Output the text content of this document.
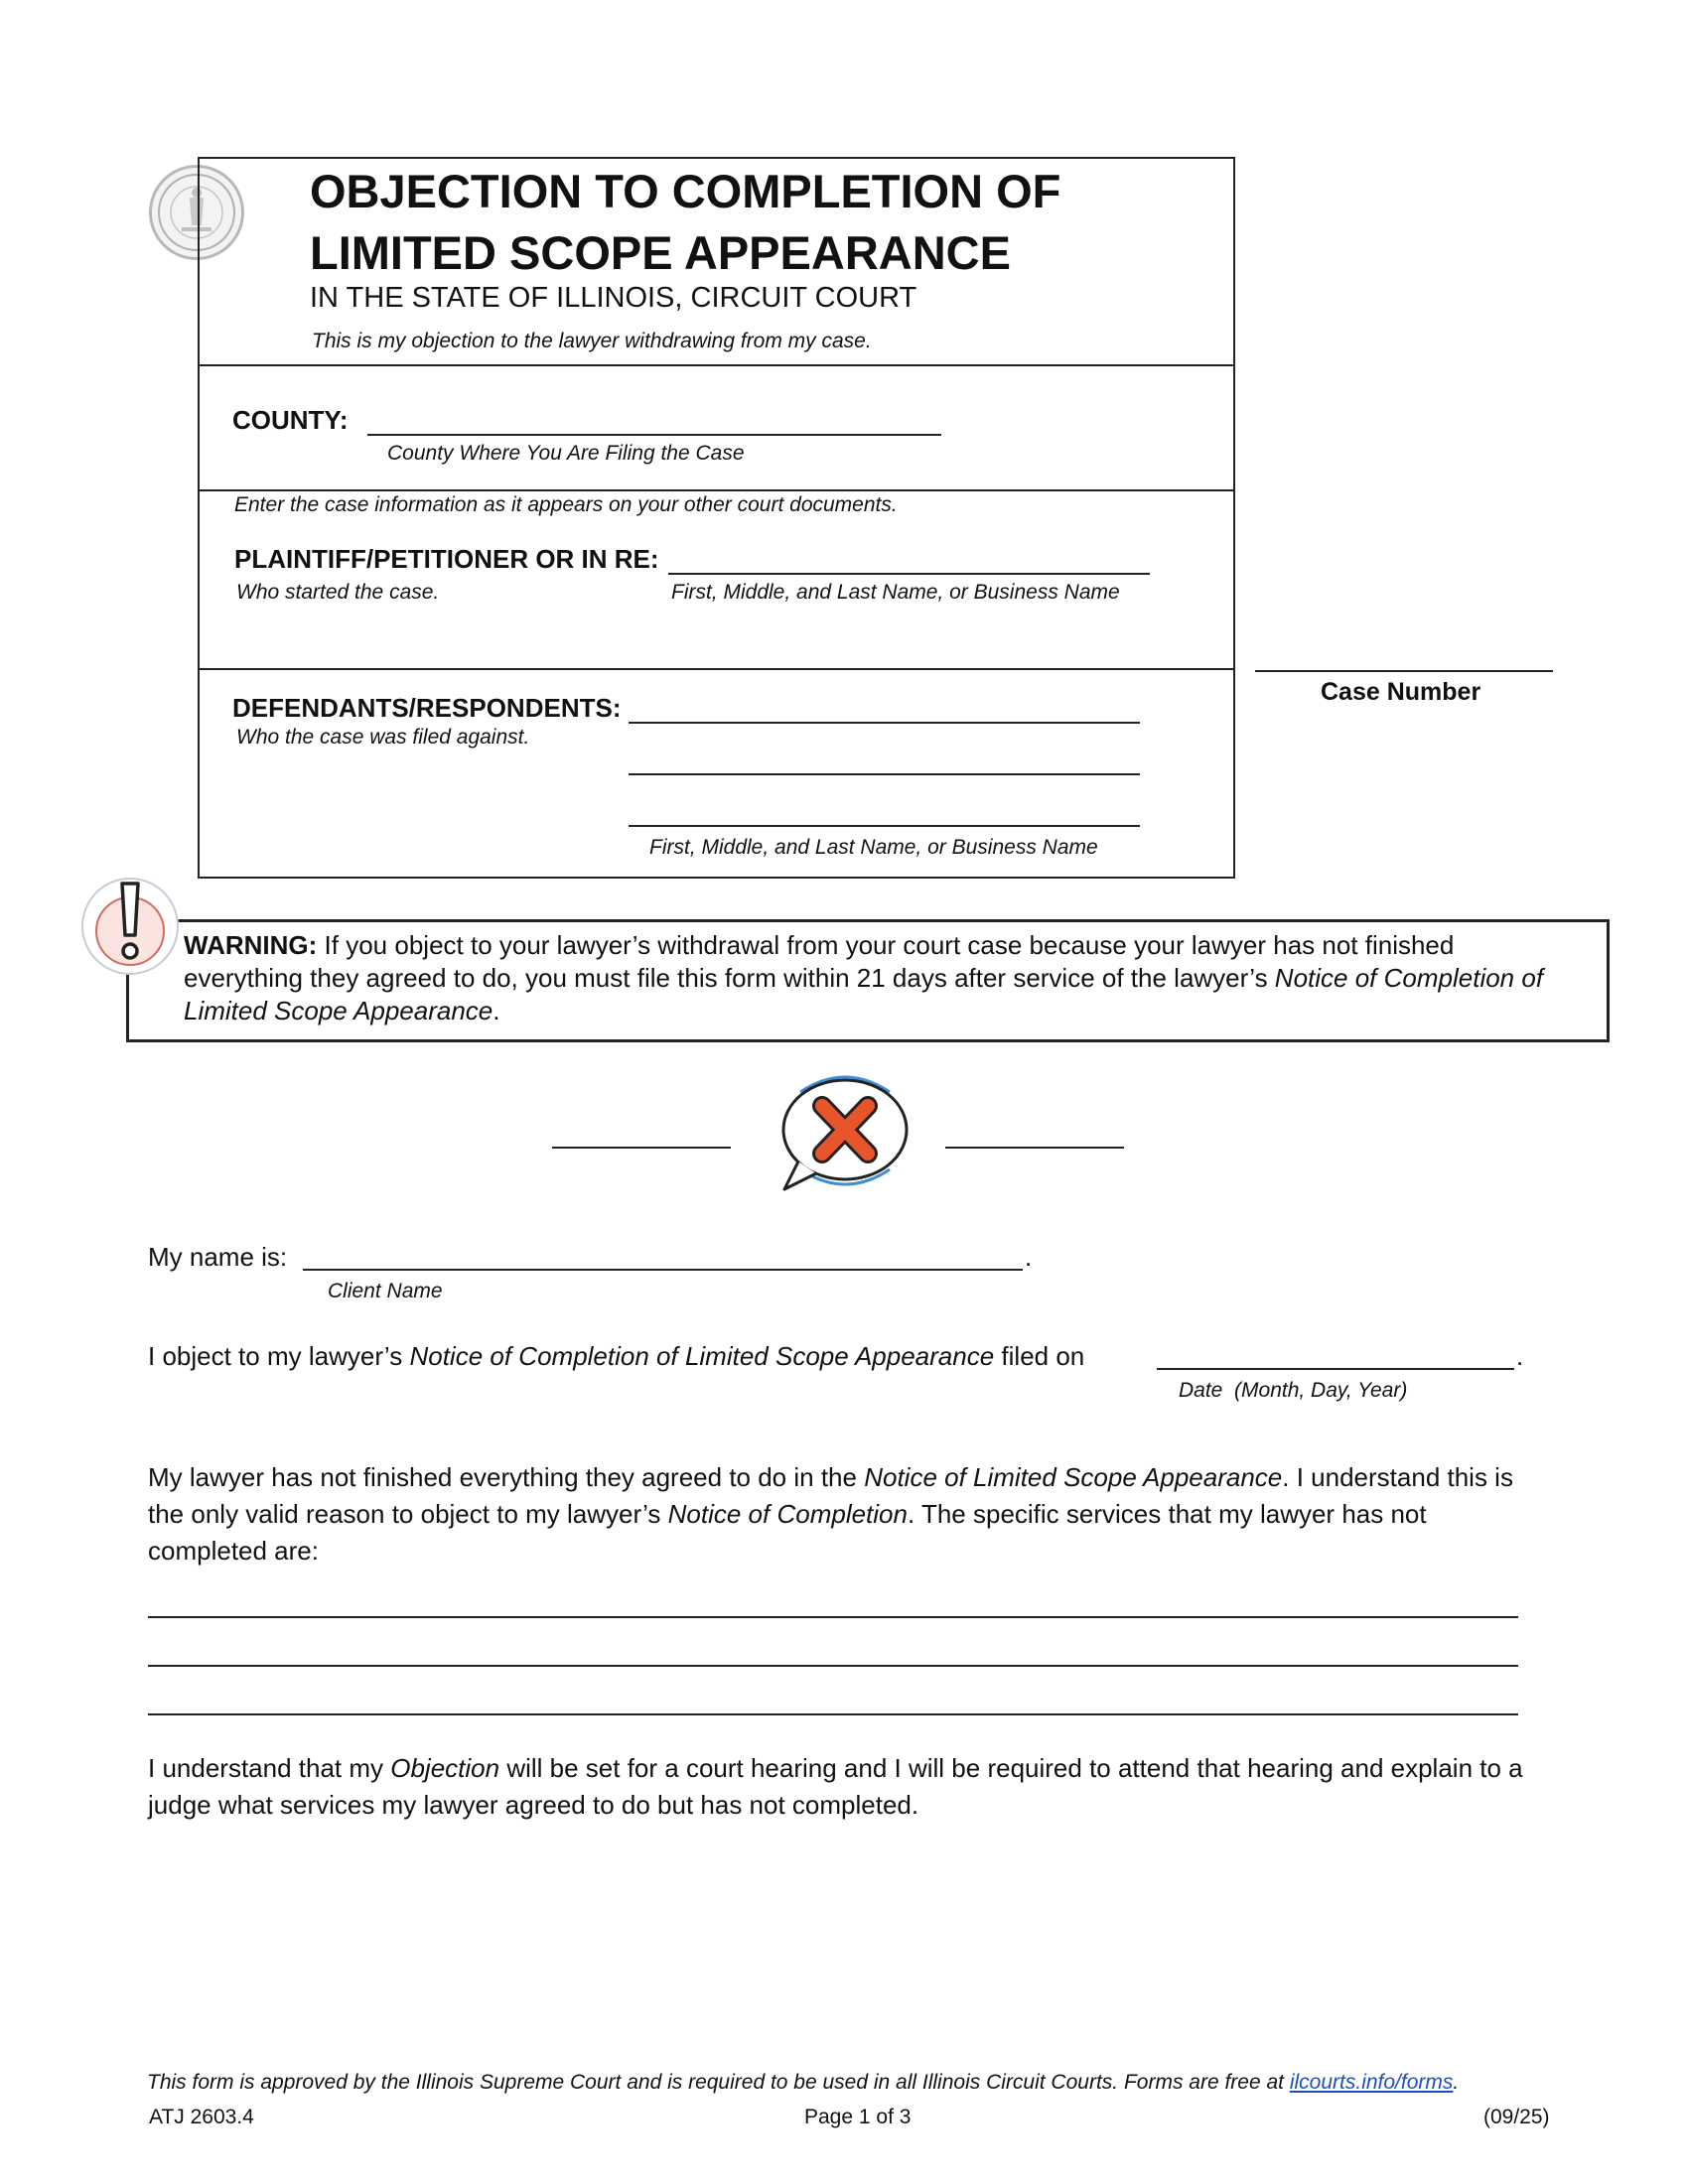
OBJECTION TO COMPLETION OF
LIMITED SCOPE APPEARANCE
IN THE STATE OF ILLINOIS, CIRCUIT COURT
This is my objection to the lawyer withdrawing from my case.
COUNTY:
County Where You Are Filing the Case
Enter the case information as it appears on your other court documents.
PLAINTIFF/PETITIONER OR IN RE:
Who started the case.	First, Middle, and Last Name, or Business Name
DEFENDANTS/RESPONDENTS:
Who the case was filed against.
First, Middle, and Last Name, or Business Name
Case Number
WARNING: If you object to your lawyer’s withdrawal from your court case because your lawyer has not finished everything they agreed to do, you must file this form within 21 days after service of the lawyer’s Notice of Completion of Limited Scope Appearance.
My name is:	.
Client Name
I object to my lawyer’s Notice of Completion of Limited Scope Appearance filed on	.
Date  (Month, Day, Year)
My lawyer has not finished everything they agreed to do in the Notice of Limited Scope Appearance. I understand this is the only valid reason to object to my lawyer’s Notice of Completion. The specific services that my lawyer has not completed are:
I understand that my Objection will be set for a court hearing and I will be required to attend that hearing and explain to a judge what services my lawyer agreed to do but has not completed.
This form is approved by the Illinois Supreme Court and is required to be used in all Illinois Circuit Courts. Forms are free at ilcourts.info/forms.
ATJ 2603.4	Page 1 of 3	(09/25)
